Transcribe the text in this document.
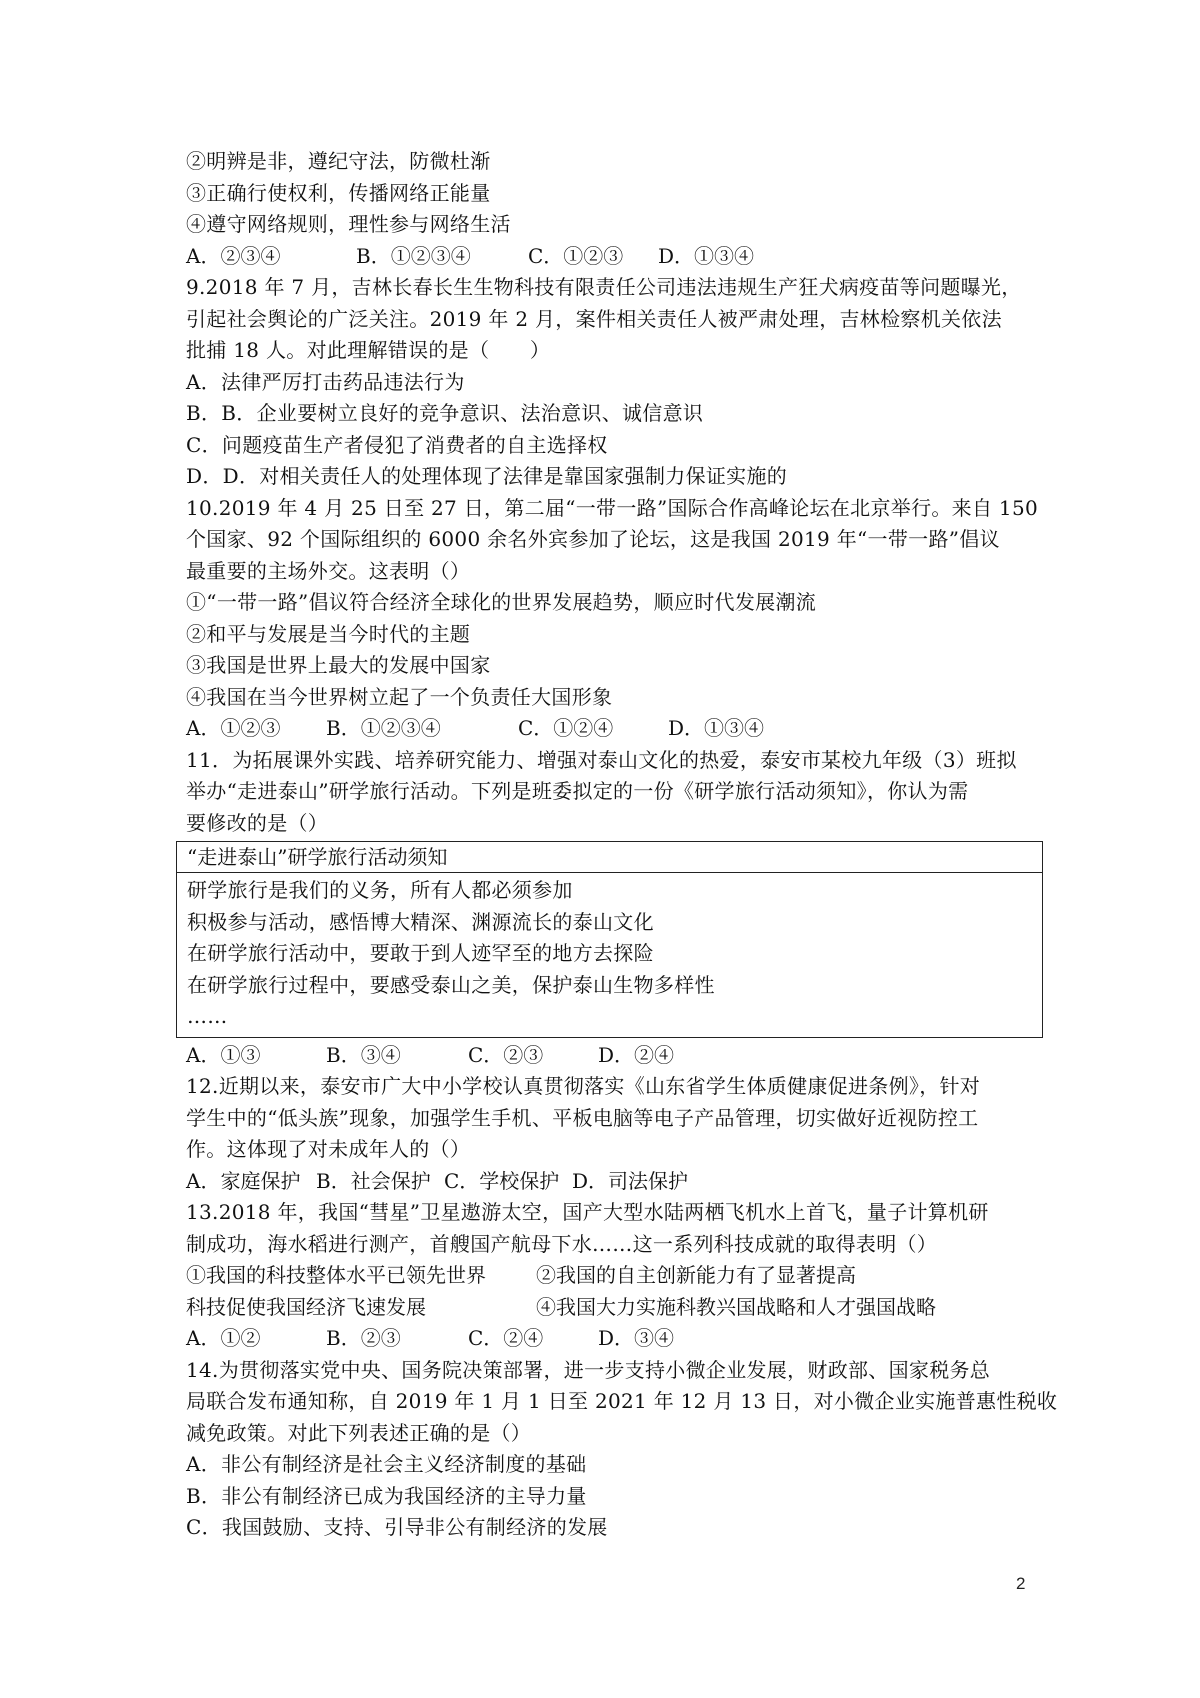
②明辨是非，遵纪守法，防微杜渐
③正确行使权利，传播网络正能量
④遵守网络规则，理性参与网络生活
A．②③④	B．①②③④	C．①②③	D．①③④
9.2018 年 7 月，吉林长春长生生物科技有限责任公司违法违规生产狂犬病疫苗等问题曝光，
引起社会舆论的广泛关注。2019 年 2 月，案件相关责任人被严肃处理，吉林检察机关依法
批捕 18 人。对此理解错误的是（　　）
A．法律严厉打击药品违法行为
B．B．企业要树立良好的竞争意识、法治意识、诚信意识
C．问题疫苗生产者侵犯了消费者的自主选择权
D．D．对相关责任人的处理体现了法律是靠国家强制力保证实施的
10.2019 年 4 月 25 日至 27 日，第二届“一带一路”国际合作高峰论坛在北京举行。来自 150
个国家、92 个国际组织的 6000 余名外宾参加了论坛，这是我国 2019 年“一带一路”倡议
最重要的主场外交。这表明（）
①“一带一路”倡议符合经济全球化的世界发展趋势，顺应时代发展潮流
②和平与发展是当今时代的主题
③我国是世界上最大的发展中国家
④我国在当今世界树立起了一个负责任大国形象
A．①②③	B．①②③④	C．①②④	D．①③④
11．为拓展课外实践、培养研究能力、增强对泰山文化的热爱，泰安市某校九年级（3）班拟
举办“走进泰山”研学旅行活动。下列是班委拟定的一份《研学旅行活动须知》，你认为需
要修改的是（）
“走进泰山”研学旅行活动须知
研学旅行是我们的义务，所有人都必须参加
积极参与活动，感悟博大精深、渊源流长的泰山文化
在研学旅行活动中，要敢于到人迹罕至的地方去探险
在研学旅行过程中，要感受泰山之美，保护泰山生物多样性
……
A．①③	B．③④	C．②③	D．②④
12.近期以来，泰安市广大中小学校认真贯彻落实《山东省学生体质健康促进条例》，针对
学生中的“低头族”现象，加强学生手机、平板电脑等电子产品管理，切实做好近视防控工
作。这体现了对未成年人的（）
A．家庭保护 B．社会保护 C．学校保护 D．司法保护
13.2018 年，我国“彗星”卫星遨游太空，国产大型水陆两栖飞机水上首飞，量子计算机研
制成功，海水稻进行测产，首艘国产航母下水……这一系列科技成就的取得表明（）
①我国的科技整体水平已领先世界	②我国的自主创新能力有了显著提高
科技促使我国经济飞速发展	④我国大力实施科教兴国战略和人才强国战略
A．①②	B．②③	C．②④	D．③④
14.为贯彻落实党中央、国务院决策部署，进一步支持小微企业发展，财政部、国家税务总
局联合发布通知称，自 2019 年 1 月 1 日至 2021 年 12 月 13 日，对小微企业实施普惠性税收
减免政策。对此下列表述正确的是（）
A．非公有制经济是社会主义经济制度的基础
B．非公有制经济已成为我国经济的主导力量
C．我国鼓励、支持、引导非公有制经济的发展
2
